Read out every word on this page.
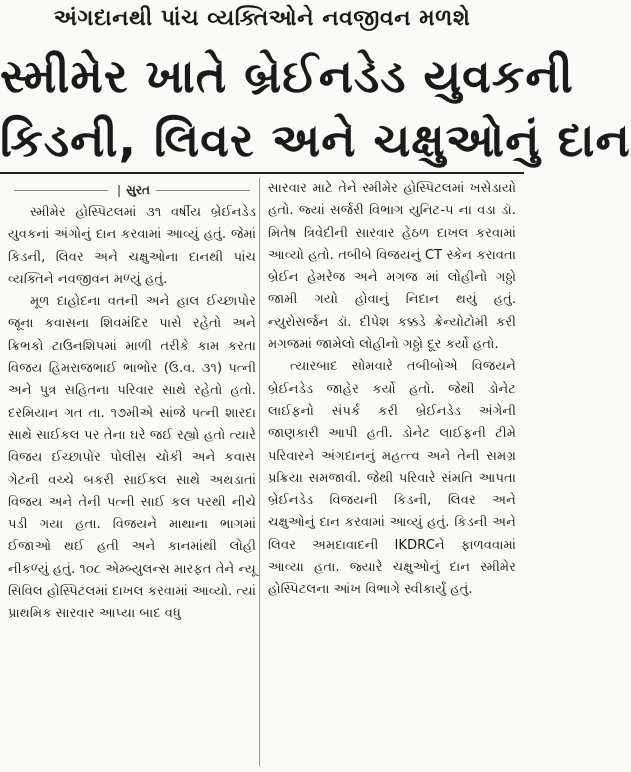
અંગદાનથી પાંચ વ્યક્તિઓને નવજીવન મળશે
સ્મીમેર ખાતે બ્રેઈનડેડ યુવકની
કિડની, લિવર અને ચક્ષુઓનું દાન
❘ સુરત

સ્મીમેર હોસ્પિટલમાં ૩૧ વર્ષીય બ્રેઈનડેડ યુવકનાં અંગોનું દાન કરવામાં આવ્યું હતું. જેમાં કિડની, લિવર અને ચક્ષુઓના દાનથી પાંચ વ્યક્તિને નવજીવન મળ્યું હતું.

મૂળ દાહોદના વતની અને હાલ ઈચ્છાપોર જૂના કવાસના શિવમંદિર પાસે રહેતો અને ક્રિભકો ટાઉનશિપમાં માળી તરીકે કામ કરતા વિજય હિમરાજભાઈ ભાભોર (ઉ.વ. ૩૧) પત્ની અને પુત્ર સહિતના પરિવાર સાથે રહેતો હતો. દરમિયાન ગત તા. ૧૭મીએ સાંજે પત્ની શારદા સાથે સાઈકલ પર તેના ઘરે જઈ રહ્યો હતો ત્યારે વિજય ઈચ્છાપોર પોલીસ ચોકી અને કવાસ ગેટની વચ્ચે બકરી સાઈકલ સાથે અથડાતાં વિજય અને તેની પત્ની સાઈ કલ પરથી નીચે પડી ગયા હતા. વિજયને માથાના ભાગમાં ઈજાઓ થઈ હતી અને કાનમાંથી લોહી નીકળ્યું હતું. ૧૦૮ એમ્બ્યુલન્સ મારફત તેને ન્યૂ સિવિલ હોસ્પિટલમાં દાખલ કરવામાં આવ્યો. ત્યાં પ્રાથમિક સારવાર આપ્યા બાદ વધુ

સારવાર માટે તેને સ્મીમેર હોસ્પિટલમાં ખસેડાયો હતો. જ્યાં સર્જરી વિભાગ યુનિટ-૫ ના વડા ડૉ. મિતેષ ત્રિવેદીની સારવાર હેઠળ દાખલ કરવામાં આવ્યો હતો. તબીબે વિજયનું CT સ્કેન કરાવતા બ્રેઈન હેમરેજ અને મગજ માં લોહીનો ગઠ્ઠો જામી ગયો હોવાનું નિદાન થયું હતું. ન્યુરોસર્જન ડૉ. દીપેશ કક્કડે ક્રેન્યોટોમી કરી મગજમાં જામેલો લોહીનો ગઠ્ઠો દૂર કર્યો હતો.

ત્યારબાદ સોમવારે તબીબોએ વિજયને બ્રેઈનડેડ જાહેર કર્યો હતો. જેથી ડોનેટ લાઈફનો સંપર્ક કરી બ્રેઈનડેડ અંગેની જાણકારી આપી હતી. ડોનેટ લાઈફની ટીમે પરિવારને અંગદાનનું મહત્ત્વ અને તેની સમગ્ર પ્રક્રિયા સમજાવી. જેથી પરિવારે સંમતિ આપતા બ્રેઈનડેડ વિજયની કિડની, લિવર અને ચક્ષુઓનું દાન કરવામાં આવ્યું હતું. કિડની અને લિવર અમદાવાદની IKDRCને ફાળવવામાં આવ્યા હતા. જ્યારે ચક્ષુઓનું દાન સ્મીમેર હોસ્પિટલના આંખ વિભાગે સ્વીકાર્યું હતું.
